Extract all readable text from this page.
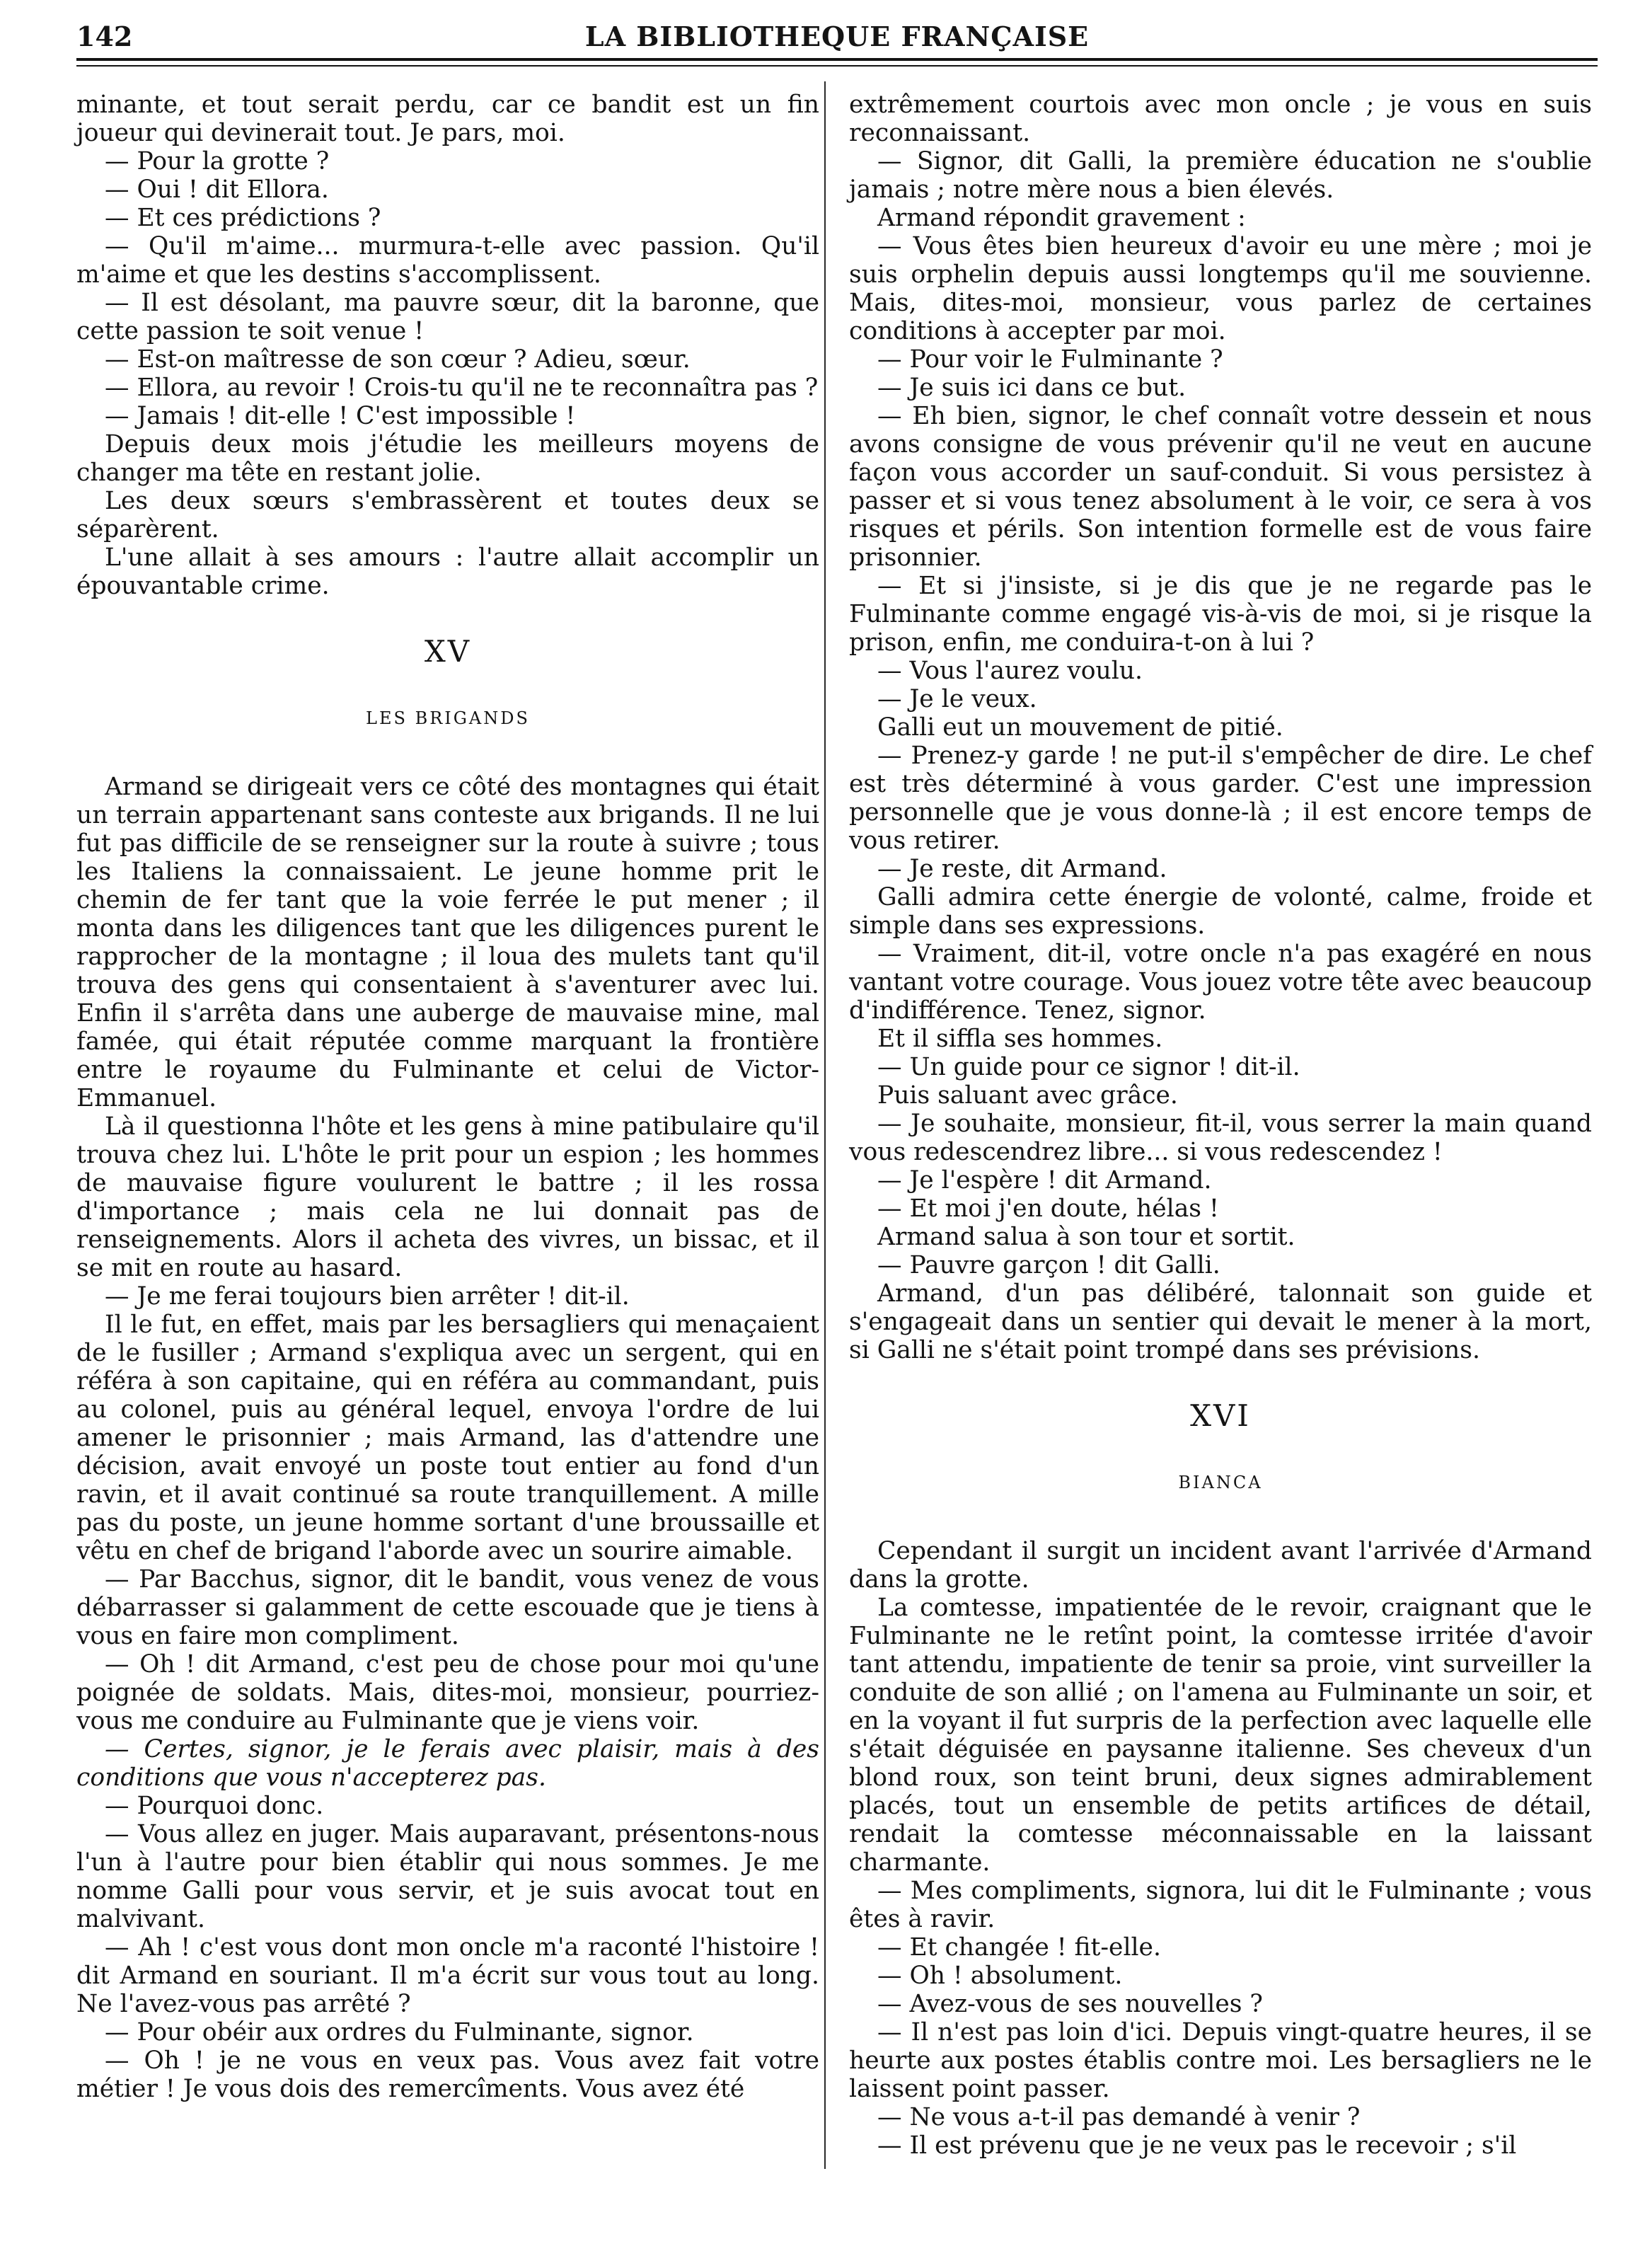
142	LA BIBLIOTHEQUE FRANÇAISE

minante, et tout serait perdu, car ce bandit est un fin joueur qui devinerait tout. Je pars, moi.

— Pour la grotte ?

— Oui ! dit Ellora.

— Et ces prédictions ?

— Qu'il m'aime... murmura-t-elle avec passion. Qu'il m'aime et que les destins s'accomplissent.

— Il est désolant, ma pauvre sœur, dit la baronne, que cette passion te soit venue !

— Est-on maîtresse de son cœur ? Adieu, sœur.

— Ellora, au revoir ! Crois-tu qu'il ne te reconnaîtra pas ?

— Jamais ! dit-elle ! C'est impossible !

Depuis deux mois j'étudie les meilleurs moyens de changer ma tête en restant jolie.

Les deux sœurs s'embrassèrent et toutes deux se séparèrent.

L'une allait à ses amours : l'autre allait accomplir un épouvantable crime.

XV
LES BRIGANDS

Armand se dirigeait vers ce côté des montagnes qui était un terrain appartenant sans conteste aux brigands. Il ne lui fut pas difficile de se renseigner sur la route à suivre ; tous les Italiens la connaissaient. Le jeune homme prit le chemin de fer tant que la voie ferrée le put mener ; il monta dans les diligences tant que les diligences purent le rapprocher de la montagne ; il loua des mulets tant qu'il trouva des gens qui consentaient à s'aventurer avec lui. Enfin il s'arrêta dans une auberge de mauvaise mine, mal famée, qui était réputée comme marquant la frontière entre le royaume du Fulminante et celui de Victor-Emmanuel.

Là il questionna l'hôte et les gens à mine patibulaire qu'il trouva chez lui. L'hôte le prit pour un espion ; les hommes de mauvaise figure voulurent le battre ; il les rossa d'importance ; mais cela ne lui donnait pas de renseignements. Alors il acheta des vivres, un bissac, et il se mit en route au hasard.

— Je me ferai toujours bien arrêter ! dit-il.

Il le fut, en effet, mais par les bersagliers qui menaçaient de le fusiller ; Armand s'expliqua avec un sergent, qui en référa à son capitaine, qui en référa au commandant, puis au colonel, puis au général lequel, envoya l'ordre de lui amener le prisonnier ; mais Armand, las d'attendre une décision, avait envoyé un poste tout entier au fond d'un ravin, et il avait continué sa route tranquillement. A mille pas du poste, un jeune homme sortant d'une broussaille et vêtu en chef de brigand l'aborde avec un sourire aimable.

— Par Bacchus, signor, dit le bandit, vous venez de vous débarrasser si galamment de cette escouade que je tiens à vous en faire mon compliment.

— Oh ! dit Armand, c'est peu de chose pour moi qu'une poignée de soldats. Mais, dites-moi, monsieur, pourriez-vous me conduire au Fulminante que je viens voir.

— Certes, signor, je le ferais avec plaisir, mais à des conditions que vous n'accepterez pas.

— Pourquoi donc.

— Vous allez en juger. Mais auparavant, présentons-nous l'un à l'autre pour bien établir qui nous sommes. Je me nomme Galli pour vous servir, et je suis avocat tout en malvivant.

— Ah ! c'est vous dont mon oncle m'a raconté l'histoire ! dit Armand en souriant. Il m'a écrit sur vous tout au long. Ne l'avez-vous pas arrêté ?

— Pour obéir aux ordres du Fulminante, signor.

— Oh ! je ne vous en veux pas. Vous avez fait votre métier ! Je vous dois des remercîments. Vous avez été

extrêmement courtois avec mon oncle ; je vous en suis reconnaissant.

— Signor, dit Galli, la première éducation ne s'oublie jamais ; notre mère nous a bien élevés.

Armand répondit gravement :

— Vous êtes bien heureux d'avoir eu une mère ; moi je suis orphelin depuis aussi longtemps qu'il me souvienne. Mais, dites-moi, monsieur, vous parlez de certaines conditions à accepter par moi.

— Pour voir le Fulminante ?

— Je suis ici dans ce but.

— Eh bien, signor, le chef connaît votre dessein et nous avons consigne de vous prévenir qu'il ne veut en aucune façon vous accorder un sauf-conduit. Si vous persistez à passer et si vous tenez absolument à le voir, ce sera à vos risques et périls. Son intention formelle est de vous faire prisonnier.

— Et si j'insiste, si je dis que je ne regarde pas le Fulminante comme engagé vis-à-vis de moi, si je risque la prison, enfin, me conduira-t-on à lui ?

— Vous l'aurez voulu.

— Je le veux.

Galli eut un mouvement de pitié.

— Prenez-y garde ! ne put-il s'empêcher de dire. Le chef est très déterminé à vous garder. C'est une impression personnelle que je vous donne-là ; il est encore temps de vous retirer.

— Je reste, dit Armand.

Galli admira cette énergie de volonté, calme, froide et simple dans ses expressions.

— Vraiment, dit-il, votre oncle n'a pas exagéré en nous vantant votre courage. Vous jouez votre tête avec beaucoup d'indifférence. Tenez, signor.

Et il siffla ses hommes.

— Un guide pour ce signor ! dit-il.

Puis saluant avec grâce.

— Je souhaite, monsieur, fit-il, vous serrer la main quand vous redescendrez libre... si vous redescendez !

— Je l'espère ! dit Armand.

— Et moi j'en doute, hélas !

Armand salua à son tour et sortit.

— Pauvre garçon ! dit Galli.

Armand, d'un pas délibéré, talonnait son guide et s'engageait dans un sentier qui devait le mener à la mort, si Galli ne s'était point trompé dans ses prévisions.

XVI
BIANCA

Cependant il surgit un incident avant l'arrivée d'Armand dans la grotte.

La comtesse, impatientée de le revoir, craignant que le Fulminante ne le retînt point, la comtesse irritée d'avoir tant attendu, impatiente de tenir sa proie, vint surveiller la conduite de son allié ; on l'amena au Fulminante un soir, et en la voyant il fut surpris de la perfection avec laquelle elle s'était déguisée en paysanne italienne. Ses cheveux d'un blond roux, son teint bruni, deux signes admirablement placés, tout un ensemble de petits artifices de détail, rendait la comtesse méconnaissable en la laissant charmante.

— Mes compliments, signora, lui dit le Fulminante ; vous êtes à ravir.

— Et changée ! fit-elle.

— Oh ! absolument.

— Avez-vous de ses nouvelles ?

— Il n'est pas loin d'ici. Depuis vingt-quatre heures, il se heurte aux postes établis contre moi. Les bersagliers ne le laissent point passer.

— Ne vous a-t-il pas demandé à venir ?

— Il est prévenu que je ne veux pas le recevoir ; s'il
